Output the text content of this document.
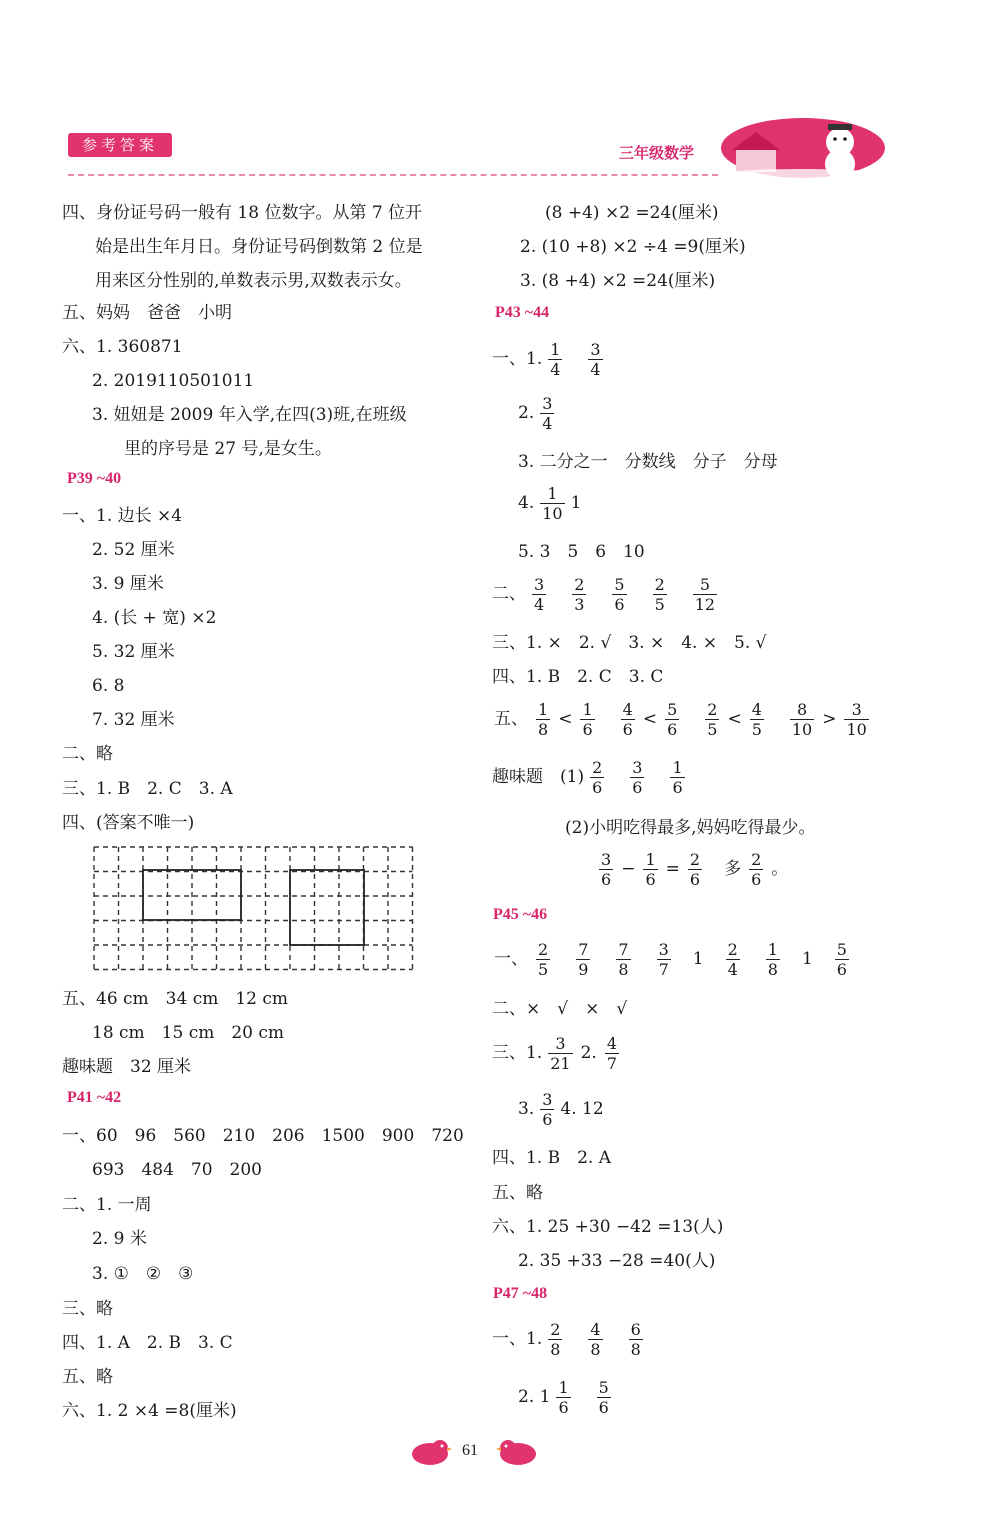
参考答案	三年级数学
四、身份证号码一般有 18 位数字。从第 7 位开
始是出生年月日。身份证号码倒数第 2 位是
用来区分性别的,单数表示男,双数表示女。
五、妈妈　爸爸　小明
六、1. 360871
2. 2019110501011
3. 妞妞是 2009 年入学,在四(3)班,在班级
里的序号是 27 号,是女生。
P39 ~40
一、1. 边长 ×4
2. 52 厘米
3. 9 厘米
4. (长 + 宽) ×2
5. 32 厘米
6. 8
7. 32 厘米
二、略
三、1. B　2. C　3. A
四、(答案不唯一)
五、46 cm　34 cm　12 cm
18 cm　15 cm　20 cm
趣味题　32 厘米
P41 ~42
一、60　96　560　210　206　1500　900　720
693　484　70　200
二、1. 一周
2. 9 米
3. ①　②　③
三、略
四、1. A　2. B　3. C
五、略
六、1. 2 ×4 =8(厘米)
(8 +4) ×2 =24(厘米)
2. (10 +8) ×2 ÷4 =9(厘米)
3. (8 +4) ×2 =24(厘米)
P43 ~44
一、1. $\frac{1}{4} \frac{3}{4}$
2. $\frac{3}{4}$
3. 二分之一　分数线　分子　分母
4. $\frac{1}{10} 1$
5. 3　5　6　10
二、 $\frac{3}{4} \frac{2}{3} \frac{5}{6} \frac{2}{5} \frac{5}{12}$
三、1. ×　2. √　3. ×　4. ×　5. √
四、1. B　2. C　3. C
五、 $\frac{1}{8} < \frac{1}{6} \frac{4}{6} < \frac{5}{6} \frac{2}{5} < \frac{4}{5} \frac{8}{10} > \frac{3}{10}$
趣味题　$(1) \frac{2}{6} \frac{3}{6} \frac{1}{6}$
(2)小明吃得最多,妈妈吃得最少。
$\frac{3}{6} - \frac{1}{6} = \frac{2}{6}$ 多 $\frac{2}{6}$ 。
P45 ~46
一、 $\frac{2}{5} \frac{7}{9} \frac{7}{8} \frac{3}{7} 1 \frac{2}{4} \frac{1}{8} 1 \frac{5}{6}$
二、×　√　×　√
三、1. $\frac{3}{21} 2$. $\frac{4}{7}$
3. $\frac{3}{6} 4$. 12
四、1. B　2. A
五、略
六、1. 25 +30 −42 =13(人)
2. 35 +33 −28 =40(人)
P47 ~48
一、1. $\frac{2}{8} \frac{4}{8} \frac{6}{8}$
2. $1 \frac{1}{6} \frac{5}{6}$
61
